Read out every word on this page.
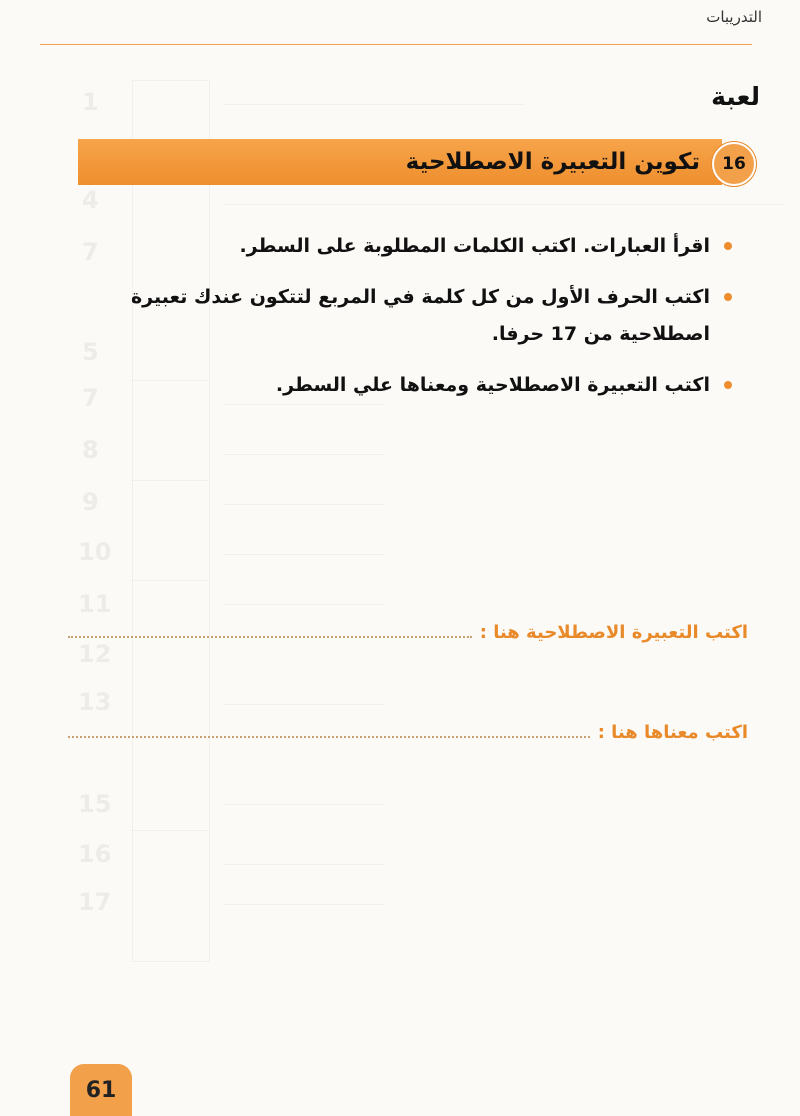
التدريبات
1
4
7
5
7
8
9
10
11
12
13
15
16
17
لعبة
16
تكوين التعبيرة الاصطلاحية
اقرأ العبارات. اكتب الكلمات المطلوبة على السطر.
اكتب الحرف الأول من كل كلمة في المربع لتتكون عندك تعبيرة اصطلاحية من 17 حرفا.
اكتب التعبيرة الاصطلاحية ومعناها علي السطر.
اكتب التعبيرة الاصطلاحية هنا :
اكتب معناها هنا :
61
